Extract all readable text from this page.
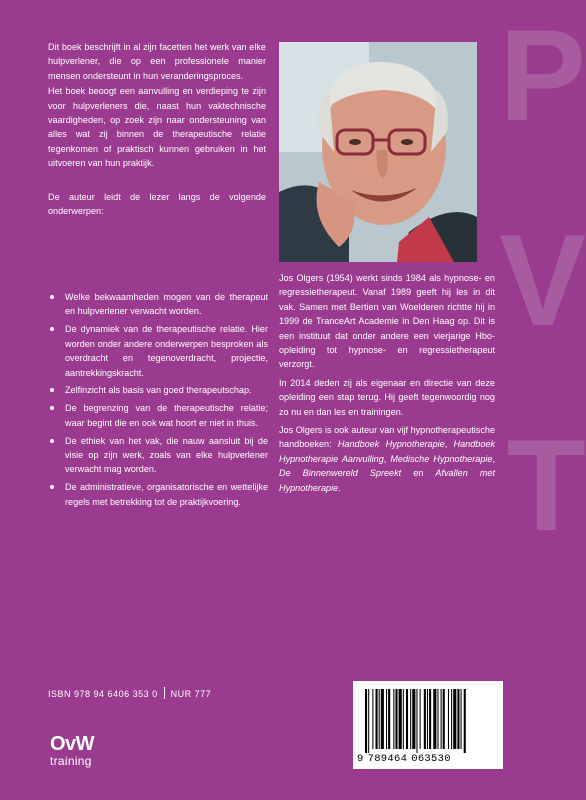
P
V
T

Dit boek beschrijft in al zijn facetten het werk van elke hulpverlener, die op een professionele manier mensen ondersteunt in hun veranderingsproces.

Het boek beoogt een aanvulling en verdieping te zijn voor hulpverleners die, naast hun vaktechnische vaardigheden, op zoek zijn naar ondersteuning van alles wat zij binnen de therapeutische relatie tegenkomen of praktisch kunnen gebruiken in het uitvoeren van hun praktijk.

De auteur leidt de lezer langs de volgende onderwerpen:

Welke bekwaamheden mogen van de therapeut en hulpverlener verwacht worden.
De dynamiek van de therapeutische relatie. Hier worden onder andere onderwerpen besproken als overdracht en tegenoverdracht, projectie, aantrekkingskracht.
Zelfinzicht als basis van goed therapeutschap.
De begrenzing van de therapeutische relatie; waar begint die en ook wat hoort er niet in thuis.
De ethiek van het vak, die nauw aansluit bij de visie op zijn werk, zoals van elke hulpverlener verwacht mag worden.
De administratieve, organisatorische en wettelijke regels met betrekking tot de praktijkvoering.

Jos Olgers (1954) werkt sinds 1984 als hypnose- en regressietherapeut. Vanaf 1989 geeft hij les in dit vak. Samen met Bertien van Woelderen richtte hij in 1999 de TranceArt Academie in Den Haag op. Dit is een instituut dat onder andere een vierjarige Hbo-opleiding tot hypnose- en regressietherapeut verzorgt.

In 2014 deden zij als eigenaar en directie van deze opleiding een stap terug. Hij geeft tegenwoordig nog zo nu en dan les en trainingen.

Jos Olgers is ook auteur van vijf hypnotherapeutische handboeken: Handboek Hypnotherapie, Handboek Hypnotherapie Aanvulling, Medische Hypnotherapie, De Binnenwereld Spreekt en Afvallen met Hypnotherapie.

ISBN 978 94 6406 353 0 NUR 777
OvW
training	9 789464 063530
